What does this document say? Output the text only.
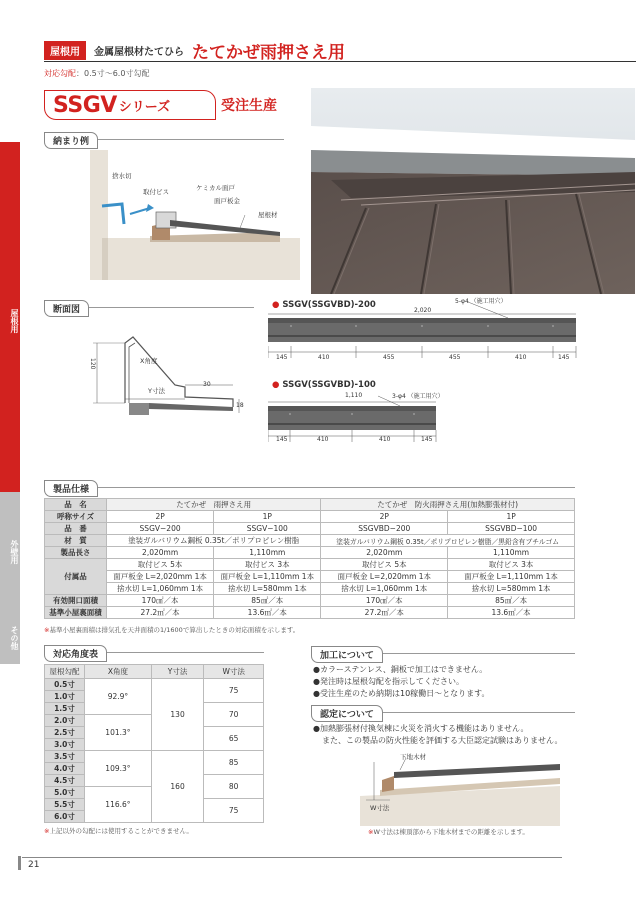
屋根用	金属屋根材たてひら たてかぜ雨押さえ用
対応勾配：0.5寸〜6.0寸勾配
SSGV シリーズ	受注生産
屋根用
外壁用
その他
納まり例
捨水切
取付ビス	ケミカル面戸
面戸板金
屋根材
断面図
120	X角度
Y寸法
30
18
● SSGV(SSGVBD)-200	5-φ4 （施工用穴）
2,020
145	410	455	455	410	145
● SSGV(SSGVBD)-100
3-φ4 （施工用穴）
1,110
145	410	410	145
製品仕様
品　名	たてかぜ　雨押さえ用		たてかぜ　防火雨押さえ用(加熱膨張材付)	
呼称サイズ	2P	1P	2P	1P
品　番	SSGV−200	SSGV−100	SSGVBD−200	SSGVBD−100
材　質	塗装ガルバリウム鋼板 0.35t／ポリプロピレン樹脂		塗装ガルバリウム鋼板 0.35t／ポリプロピレン樹脂／黒鉛含有ブチルゴム	
製品長さ	2,020mm	1,110mm	2,020mm	1,110mm
付属品	取付ビス 5本	取付ビス 3本	取付ビス 5本	取付ビス 3本
	面戸板金 L=2,020mm 1本	面戸板金 L=1,110mm 1本	面戸板金 L=2,020mm 1本	面戸板金 L=1,110mm 1本
	捨水切 L=1,060mm 1本	捨水切 L=580mm 1本	捨水切 L=1,060mm 1本	捨水切 L=580mm 1本
有効開口面積	170㎠／本	85㎠／本	170㎠／本	85㎠／本
基準小屋裏面積	27.2㎡／本	13.6㎡／本	27.2㎡／本	13.6㎡／本
※基準小屋裏面積は排気孔を天井面積の1/1600で算出したときの対応面積を示します。
対応角度表
屋根勾配	X角度	Y寸法	W寸法
0.5寸	92.9°	130	75
1.0寸			
1.5寸			70
2.0寸	101.3°		
2.5寸			65
3.0寸			
3.5寸	109.3°	160	85
4.0寸			
4.5寸			80
5.0寸	116.6°		
5.5寸			75
6.0寸			
※上記以外の勾配には使用することができません。
加工について
●カラーステンレス、銅板で加工はできません。
●発注時は屋根勾配を指示してください。
●受注生産のため納期は10稼働日〜となります。
認定について
●加熱膨張材付換気棟に火災を消火する機能はありません。
また、この製品の防火性能を評価する大臣認定試験はありません。
下地木材
W寸法
※W寸法は棟頂部から下地木材までの距離を示します。
21
